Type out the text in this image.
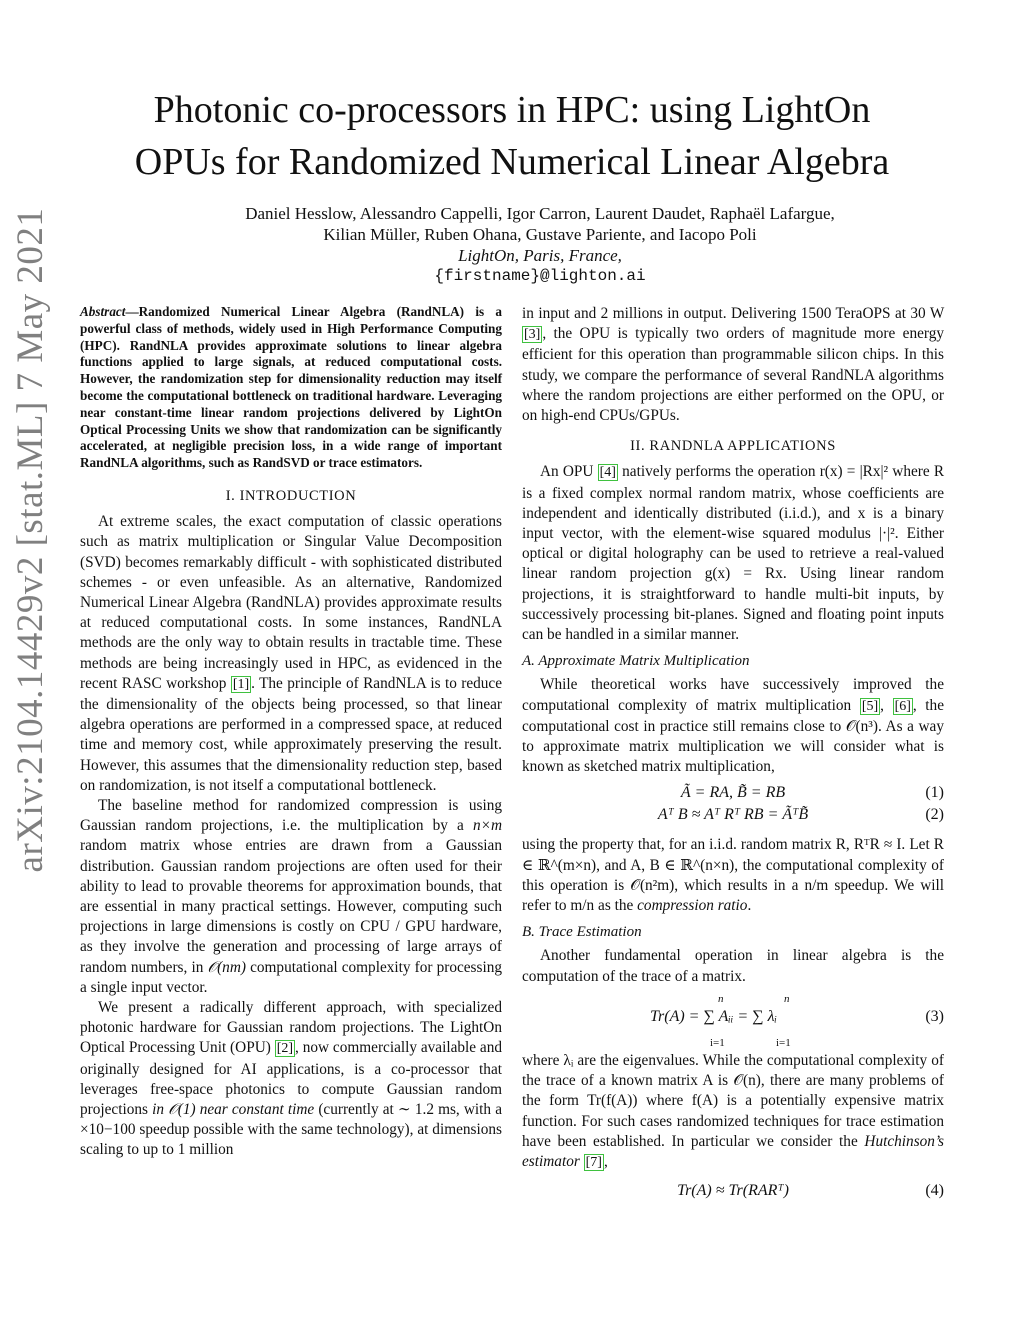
arXiv:2104.14429v2 [stat.ML] 7 May 2021
Photonic co-processors in HPC: using LightOn
OPUs for Randomized Numerical Linear Algebra
Daniel Hesslow, Alessandro Cappelli, Igor Carron, Laurent Daudet, Raphaël Lafargue,
Kilian Müller, Ruben Ohana, Gustave Pariente, and Iacopo Poli
LightOn, Paris, France,
{firstname}@lighton.ai
Abstract—Randomized Numerical Linear Algebra (RandNLA) is a powerful class of methods, widely used in High Performance Computing (HPC). RandNLA provides approximate solutions to linear algebra functions applied to large signals, at reduced computational costs. However, the randomization step for dimensionality reduction may itself become the computational bottleneck on traditional hardware. Leveraging near constant-time linear random projections delivered by LightOn Optical Processing Units we show that randomization can be significantly accelerated, at negligible precision loss, in a wide range of important RandNLA algorithms, such as RandSVD or trace estimators.
I. INTRODUCTION

At extreme scales, the exact computation of classic operations such as matrix multiplication or Singular Value Decomposition (SVD) becomes remarkably difficult - with sophisticated distributed schemes - or even unfeasible. As an alternative, Randomized Numerical Linear Algebra (RandNLA) provides approximate results at reduced computational costs. In some instances, RandNLA methods are the only way to obtain results in tractable time. These methods are being increasingly used in HPC, as evidenced in the recent RASC workshop [1] . The principle of RandNLA is to reduce the dimensionality of the objects being processed, so that linear algebra operations are performed in a compressed space, at reduced time and memory cost, while approximately preserving the result. However, this assumes that the dimensionality reduction step, based on randomization, is not itself a computational bottleneck.

The baseline method for randomized compression is using Gaussian random projections, i.e. the multiplication by a n×m random matrix whose entries are drawn from a Gaussian distribution. Gaussian random projections are often used for their ability to lead to provable theorems for approximation bounds, that are essential in many practical settings. However, computing such projections in large dimensions is costly on CPU / GPU hardware, as they involve the generation and processing of large arrays of random numbers, in 𝒪(nm) computational complexity for processing a single input vector.

We present a radically different approach, with specialized photonic hardware for Gaussian random projections. The LightOn Optical Processing Unit (OPU) [2] , now commercially available and originally designed for AI applications, is a co-processor that leverages free-space photonics to compute Gaussian random projections in 𝒪(1) near constant time (currently at ∼ 1.2 ms, with a ×10−100 speedup possible with the same technology), at dimensions scaling to up to 1 million

in input and 2 millions in output. Delivering 1500 TeraOPS at 30 W [3] , the OPU is typically two orders of magnitude more energy efficient for this operation than programmable silicon chips. In this study, we compare the performance of several RandNLA algorithms where the random projections are either performed on the OPU, or on high-end CPUs/GPUs.

II. RANDNLA APPLICATIONS

An OPU [4] natively performs the operation r(x) = |Rx|² where R is a fixed complex normal random matrix, whose coefficients are independent and identically distributed (i.i.d.), and x is a binary input vector, with the element-wise squared modulus |·|². Either optical or digital holography can be used to retrieve a real-valued linear random projection g(x) = Rx. Using linear random projections, it is straightforward to handle multi-bit inputs, by successively processing bit-planes. Signed and floating point inputs can be handled in a similar manner.

A. Approximate Matrix Multiplication

While theoretical works have successively improved the computational complexity of matrix multiplication [5] , [6] , the computational cost in practice still remains close to 𝒪(n³). As a way to approximate matrix multiplication we will consider what is known as sketched matrix multiplication,

Ã = RA, B̃ = RB	(1)
Aᵀ B ≈ Aᵀ Rᵀ RB = ÃᵀB̃	(2)

using the property that, for an i.i.d. random matrix R, RᵀR ≈ I. Let R ∈ ℝ^(m×n), and A, B ∈ ℝ^(n×n), the computational complexity of this operation is 𝒪(n²m), which results in a n/m speedup. We will refer to m/n as the compression ratio.

B. Trace Estimation

Another fundamental operation in linear algebra is the computation of the trace of a matrix.

Tr(A) = ∑ Aᵢᵢ = ∑ λᵢ
n
i=1
n
i=1
(3)

where λᵢ are the eigenvalues. While the computational complexity of the trace of a known matrix A is 𝒪(n), there are many problems of the form Tr(f(A)) where f(A) is a potentially expensive matrix function. For such cases randomized techniques for trace estimation have been established. In particular we consider the Hutchinson’s estimator [7] ,

Tr(A) ≈ Tr(RARᵀ)	(4)
